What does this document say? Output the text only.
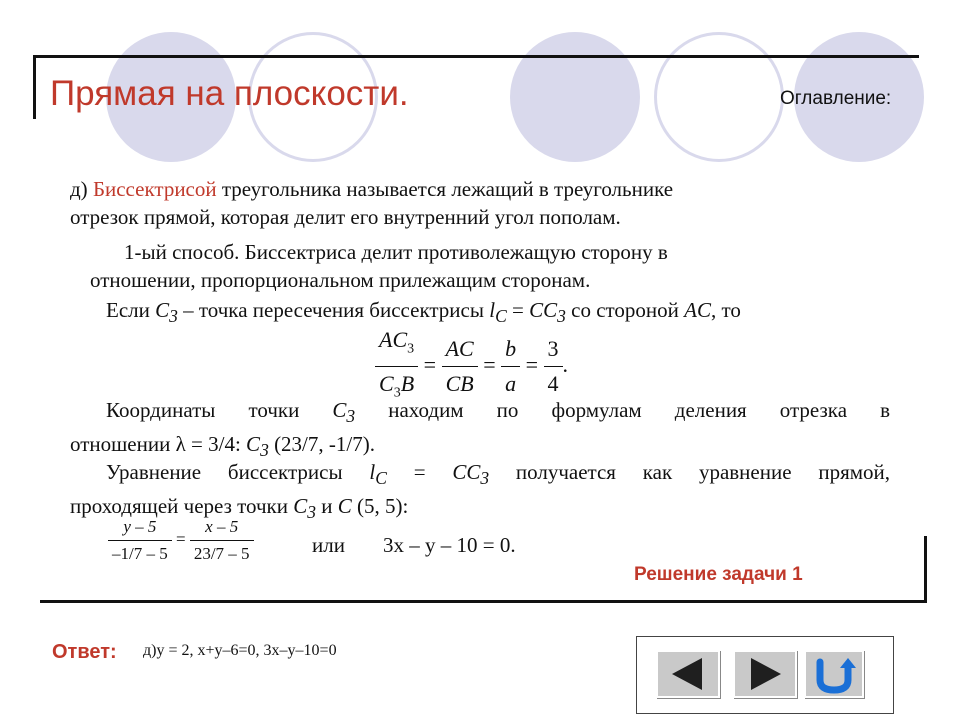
Прямая на плоскости.	Оглавление:
д) Биссектрисой треугольника называется лежащий в треугольнике
отрезок прямой, которая делит его внутренний угол пополам.
1-ый способ. Биссектриса делит противолежащую сторону в
отношении, пропорциональном прилежащим сторонам.
Если $C_3$ – точка пересечения биссектрисы $l_C = CC_3$ со стороной AC, то
$\frac{AC_3}{C_3B} = \frac{AC}{CB} = \frac{b}{a} = \frac{3}{4}$ .
Координаты точки $C_3$ находим по формулам деления отрезка в
отношении λ = 3/4: $C_3$ (23/7, -1/7).
Уравнение биссектрисы $l_C = CC_3$ получается как уравнение прямой,
проходящей через точки $C_3$ и C (5, 5):
$\frac{y - 5}{-1/7 - 5} = \frac{x - 5}{23/7 - 5}$	или 3x – y – 10 = 0.
Решение задачи 1
Ответ: д)y = 2, x+y–6=0, 3x–y–10=0
